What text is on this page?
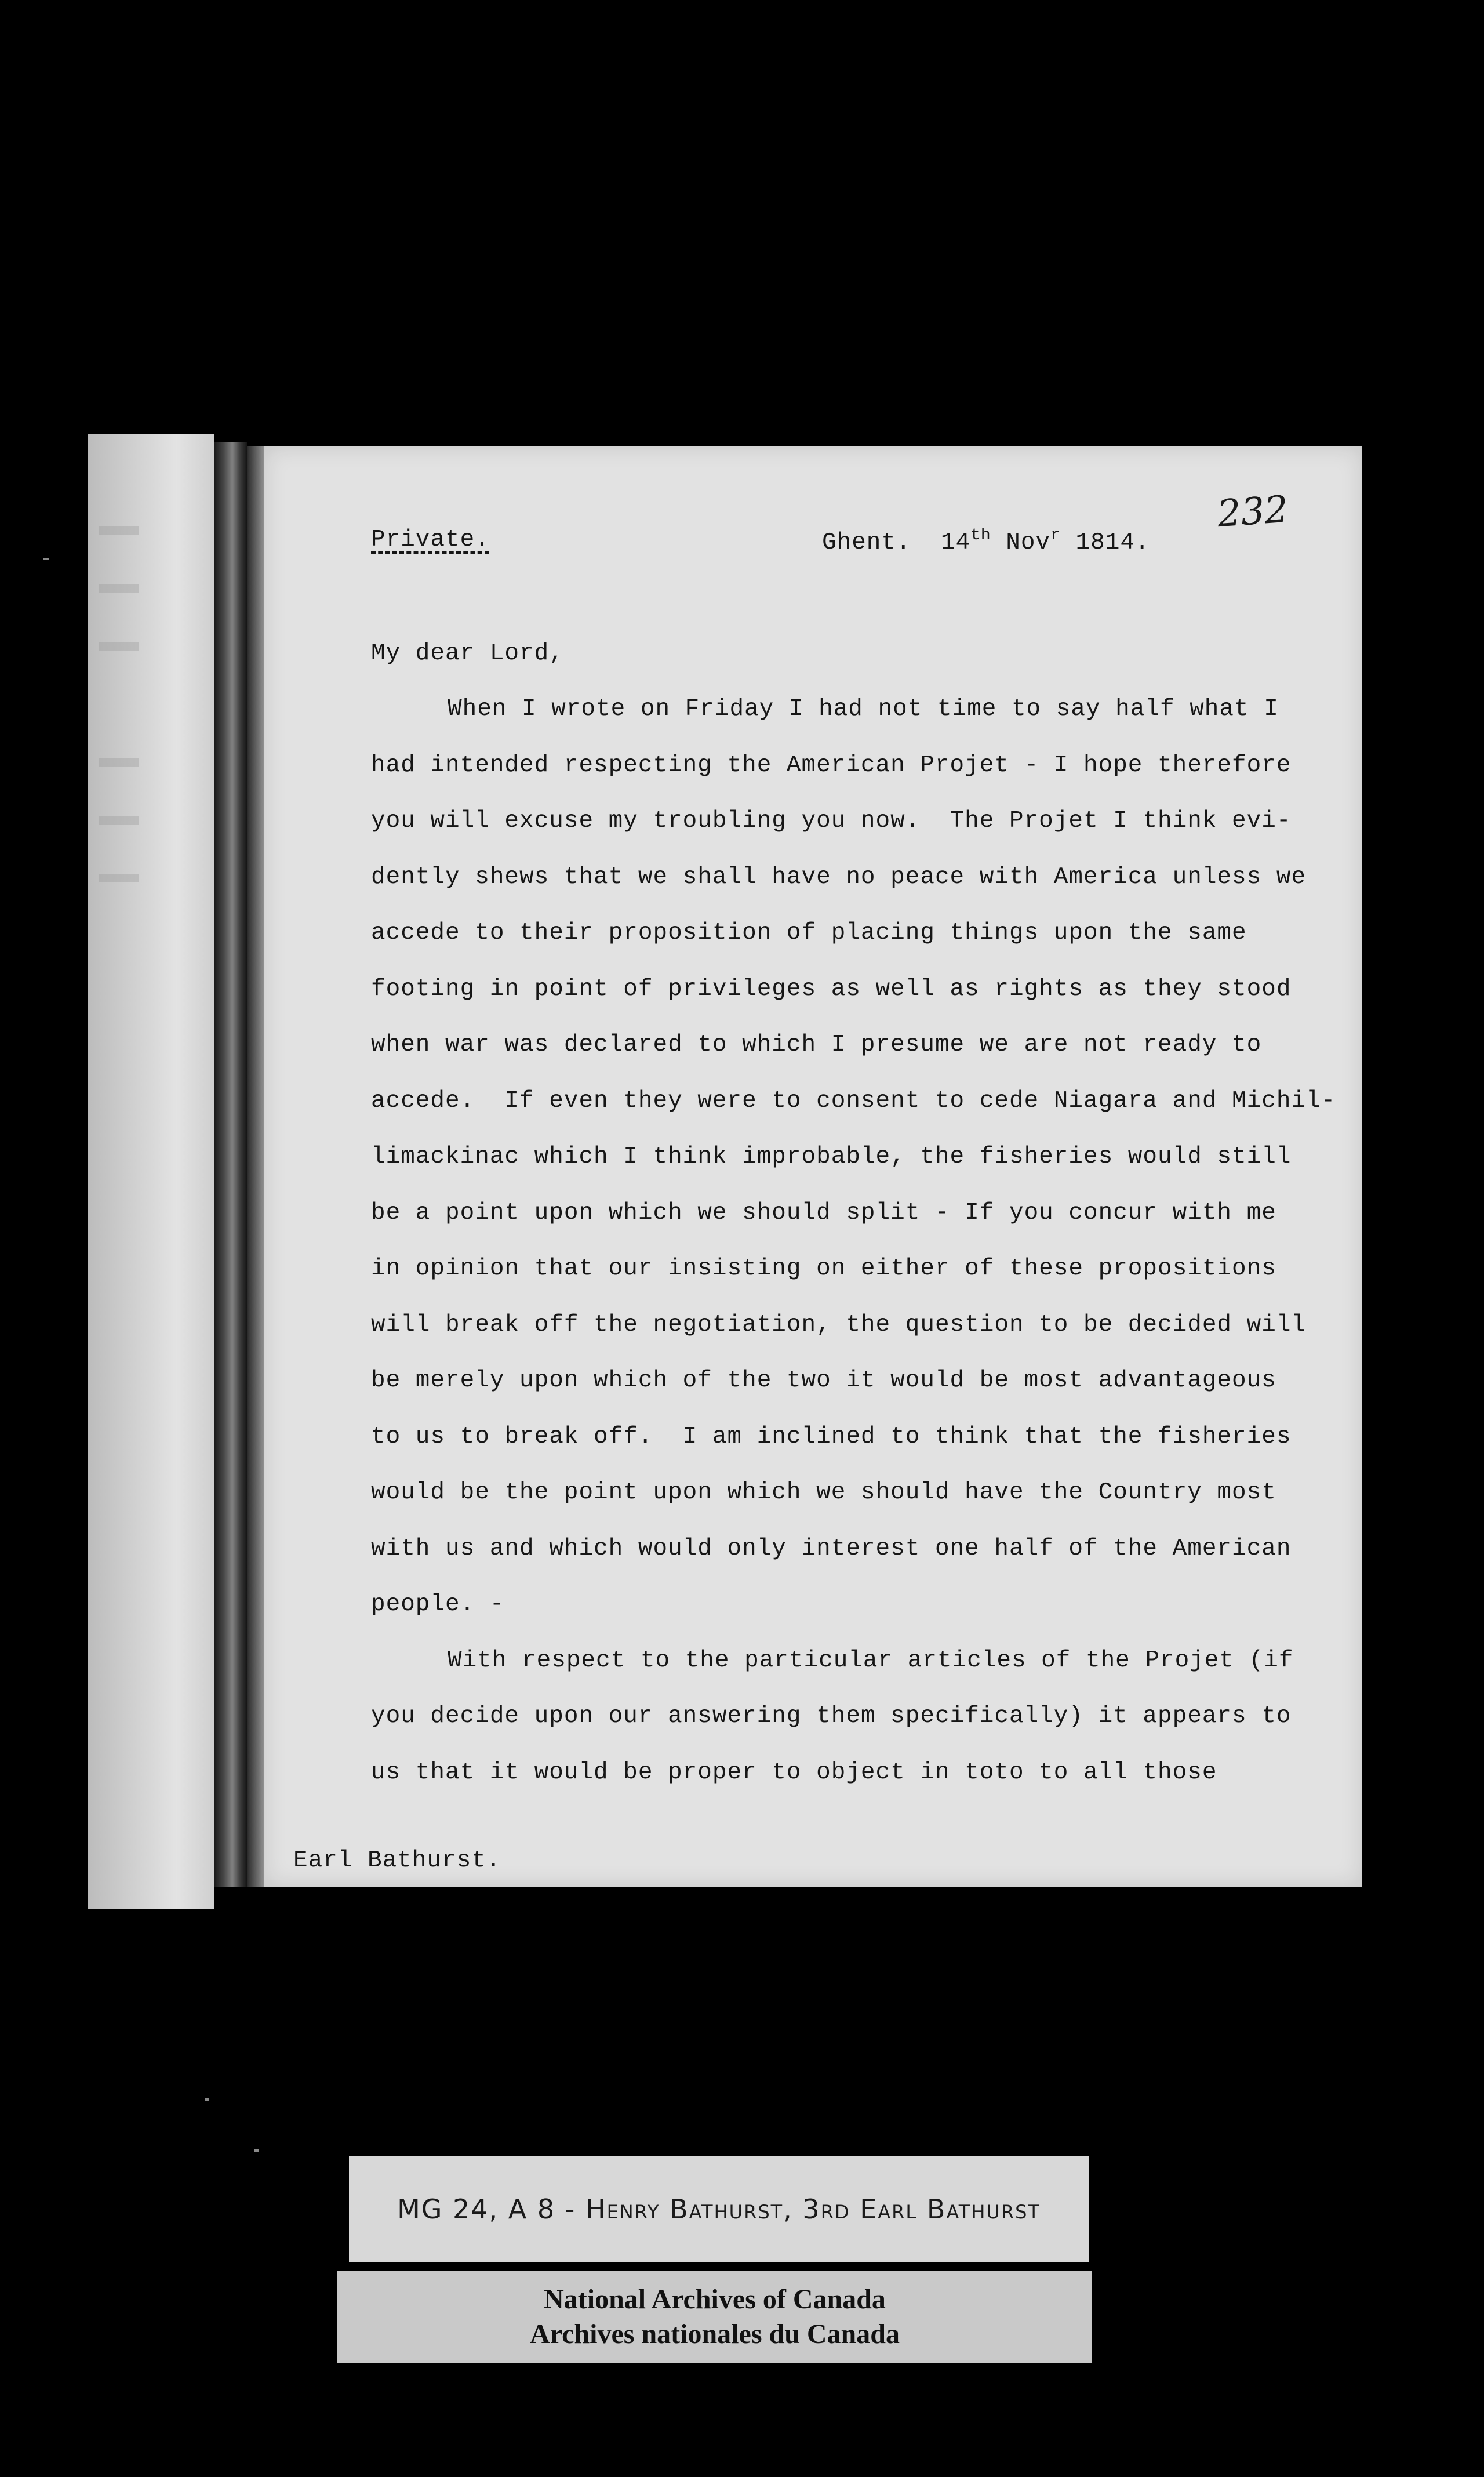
232

Private.	Ghent. 14th Nov$^r$ 1814.

My dear Lord,

When I wrote on Friday I had not time to say half what I

had intended respecting the American Projet - I hope therefore

you will excuse my troubling you now.  The Projet I think evi-

dently shews that we shall have no peace with America unless we

accede to their proposition of placing things upon the same

footing in point of privileges as well as rights as they stood

when war was declared to which I presume we are not ready to

accede.  If even they were to consent to cede Niagara and Michil-

limackinac which I think improbable, the fisheries would still

be a point upon which we should split - If you concur with me

in opinion that our insisting on either of these propositions

will break off the negotiation, the question to be decided will

be merely upon which of the two it would be most advantageous

to us to break off.  I am inclined to think that the fisheries

would be the point upon which we should have the Country most

with us and which would only interest one half of the American

people. -

With respect to the particular articles of the Projet (if

you decide upon our answering them specifically) it appears to

us that it would be proper to object in toto to all those

Earl Bathurst.

MG 24, A 8 - Henry Bathurst, 3rd Earl Bathurst
National Archives of Canada
Archives nationales du Canada
